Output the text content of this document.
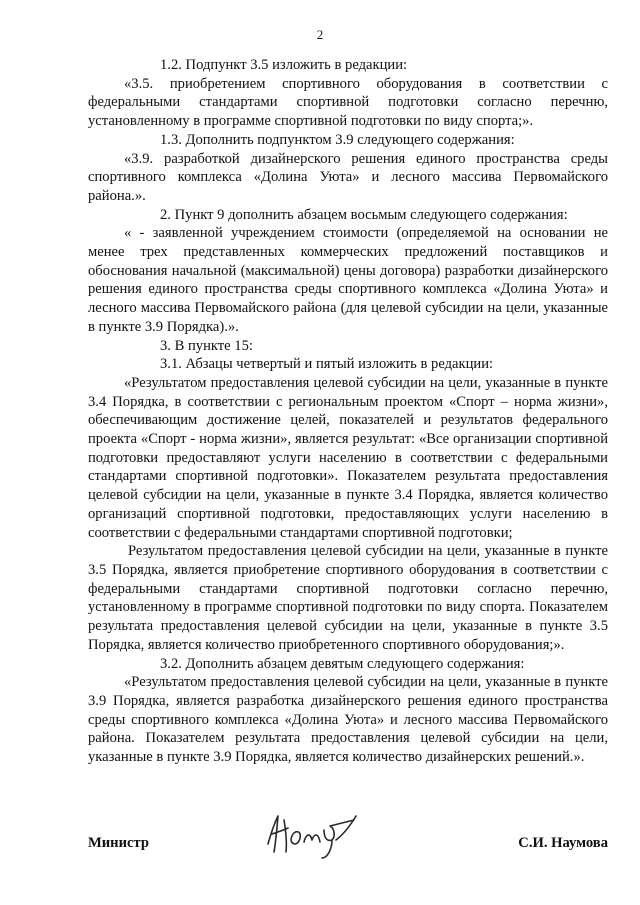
2

1.2. Подпункт 3.5 изложить в редакции:

«3.5. приобретением спортивного оборудования в соответствии с федеральными стандартами спортивной подготовки согласно перечню, установленному в программе спортивной подготовки по виду спорта;».

1.3. Дополнить подпунктом 3.9 следующего содержания:

«3.9. разработкой дизайнерского решения единого пространства среды спортивного комплекса «Долина Уюта» и лесного массива Первомайского района.».

2. Пункт 9 дополнить абзацем восьмым следующего содержания:

« - заявленной учреждением стоимости (определяемой на основании не менее трех представленных коммерческих предложений поставщиков и обоснования начальной (максимальной) цены договора) разработки дизайнерского решения единого пространства среды спортивного комплекса «Долина Уюта» и лесного массива Первомайского района (для целевой субсидии на цели, указанные в пункте 3.9 Порядка).».

3. В пункте 15:

3.1. Абзацы четвертый и пятый изложить в редакции:

«Результатом предоставления целевой субсидии на цели, указанные в пункте 3.4 Порядка, в соответствии с региональным проектом «Спорт – норма жизни», обеспечивающим достижение целей, показателей и результатов федерального проекта «Спорт - норма жизни», является результат: «Все организации спортивной подготовки предоставляют услуги населению в соответствии с федеральными стандартами спортивной подготовки». Показателем результата предоставления целевой субсидии на цели, указанные в пункте 3.4 Порядка, является количество организаций спортивной подготовки, предоставляющих услуги населению в соответствии с федеральными стандартами спортивной подготовки;

Результатом предоставления целевой субсидии на цели, указанные в пункте 3.5 Порядка, является приобретение спортивного оборудования в соответствии с федеральными стандартами спортивной подготовки согласно перечню, установленному в программе спортивной подготовки по виду спорта. Показателем результата предоставления целевой субсидии на цели, указанные в пункте 3.5 Порядка, является количество приобретенного спортивного оборудования;».

3.2. Дополнить абзацем девятым следующего содержания:

«Результатом предоставления целевой субсидии на цели, указанные в пункте 3.9 Порядка, является разработка дизайнерского решения единого пространства среды спортивного комплекса «Долина Уюта» и лесного массива Первомайского района. Показателем результата предоставления целевой субсидии на цели, указанные в пункте 3.9 Порядка, является количество дизайнерских решений.».

Министр	С.И. Наумова
